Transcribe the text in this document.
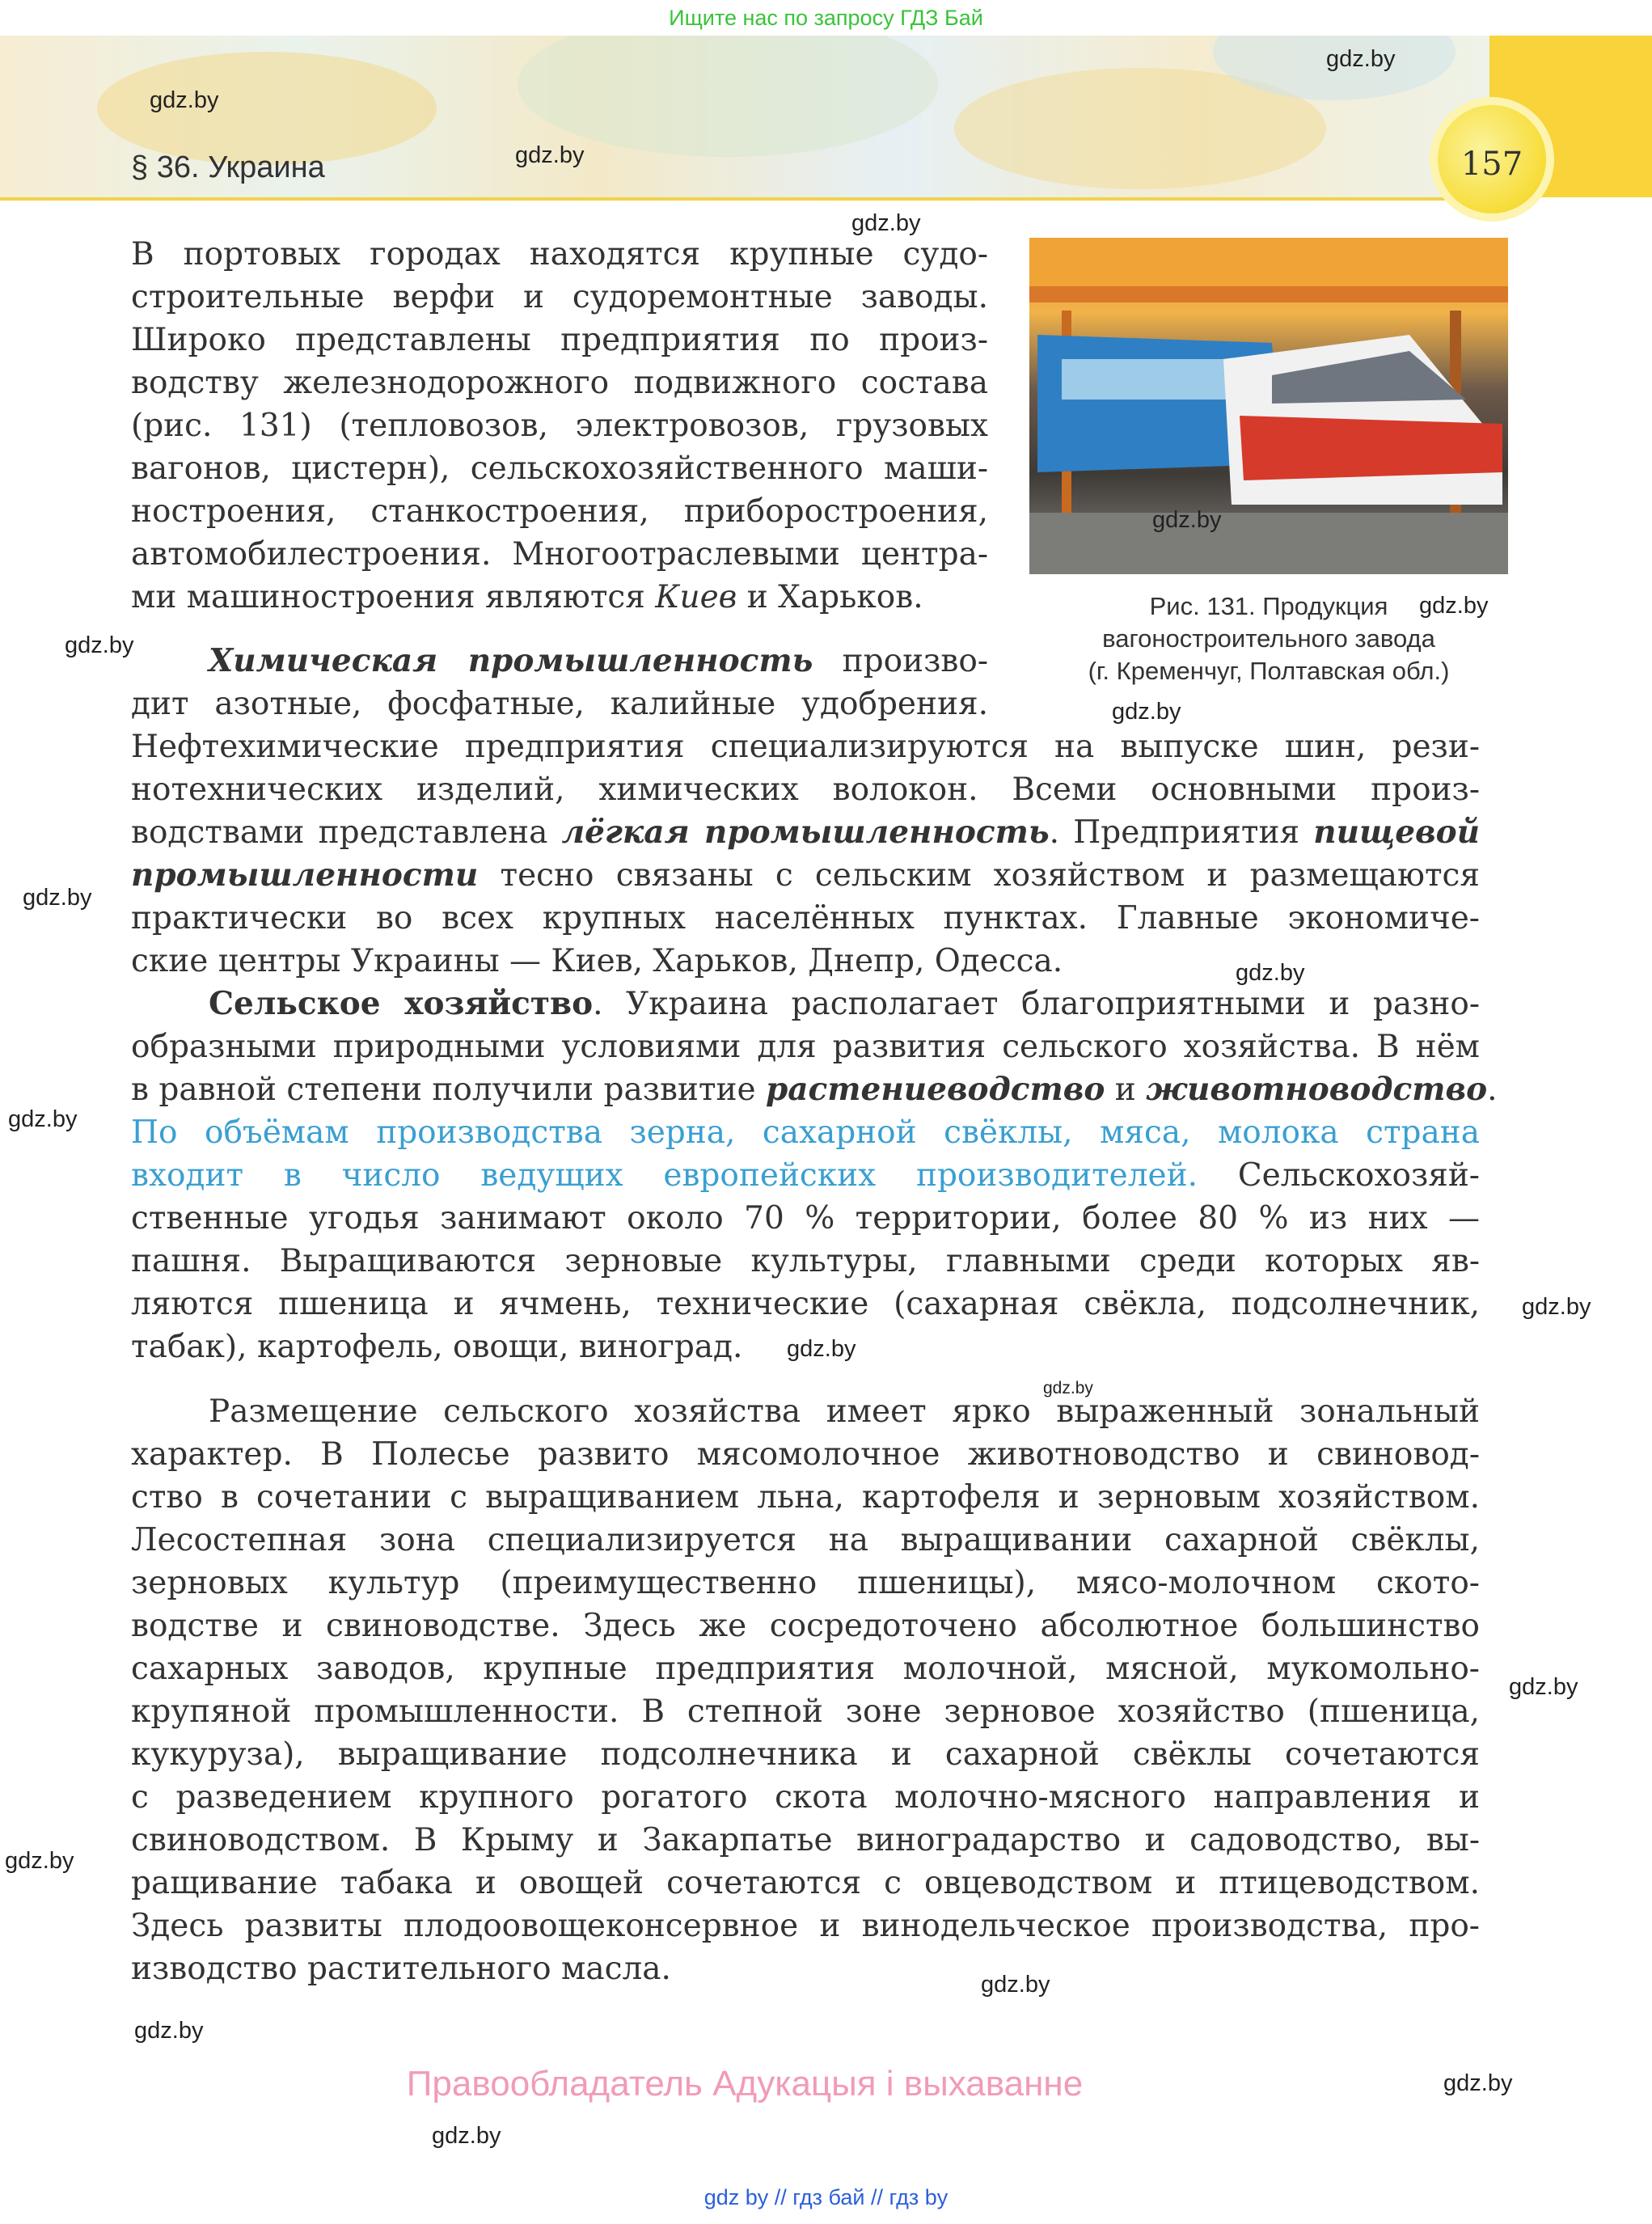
Ищите нас по запросу ГДЗ Бай
157
§ 36. Украина
Рис. 131. Продукция
вагоностроительного завода
(г. Кременчуг, Полтавская обл.)
В портовых городах находятся крупные судо-
строительные верфи и судоремонтные заводы.
Широко представлены предприятия по произ-
водству железнодорожного подвижного состава
(рис. 131) (тепловозов, электровозов, грузовых
вагонов, цистерн), сельскохозяйственного маши-
ностроения, станкостроения, приборостроения,
автомобилестроения. Многоотраслевыми центра-
ми машиностроения являются Киев и Харьков.
Химическая промышленность произво-
дит азотные, фосфатные, калийные удобрения.
Нефтехимические предприятия специализируются на выпуске шин, рези-
нотехнических изделий, химических волокон. Всеми основными произ-
водствами представлена лёгкая промышленность. Предприятия пищевой
промышленности тесно связаны с сельским хозяйством и размещаются
практически во всех крупных населённых пунктах. Главные экономиче-
ские центры Украины — Киев, Харьков, Днепр, Одесса.
Сельское хозяйство. Украина располагает благоприятными и разно-
образными природными условиями для развития сельского хозяйства. В нём
в равной степени получили развитие растениеводство и животноводство.
По объёмам производства зерна, сахарной свёклы, мяса, молока страна
входит в число ведущих европейских производителей. Сельскохозяй-
ственные угодья занимают около 70 % территории, более 80 % из них —
пашня. Выращиваются зерновые культуры, главными среди которых яв-
ляются пшеница и ячмень, технические (сахарная свёкла, подсолнечник,
табак), картофель, овощи, виноград.
Размещение сельского хозяйства имеет ярко выраженный зональный
характер. В Полесье развито мясомолочное животноводство и свиновод-
ство в сочетании с выращиванием льна, картофеля и зерновым хозяйством.
Лесостепная зона специализируется на выращивании сахарной свёклы,
зерновых культур (преимущественно пшеницы), мясо-молочном ското-
водстве и свиноводстве. Здесь же сосредоточено абсолютное большинство
сахарных заводов, крупные предприятия молочной, мясной, мукомольно-
крупяной промышленности. В степной зоне зерновое хозяйство (пшеница,
кукуруза), выращивание подсолнечника и сахарной свёклы сочетаются
с разведением крупного рогатого скота молочно-мясного направления и
свиноводством. В Крыму и Закарпатье виноградарство и садоводство, вы-
ращивание табака и овощей сочетаются с овцеводством и птицеводством.
Здесь развиты плодоовощеконсервное и винодельческое производства, про-
изводство растительного масла.
gdz.by
gdz.by
gdz.by
gdz.by
gdz.by
gdz.by
gdz.by
gdz.by
gdz.by
gdz.by
gdz.by
gdz.by
gdz.by
gdz.by
gdz.by
gdz.by
gdz.by
gdz.by
gdz.by
gdz.by
Правообладатель Адукацыя і выхаванне
gdz by // гдз бай // гдз by
